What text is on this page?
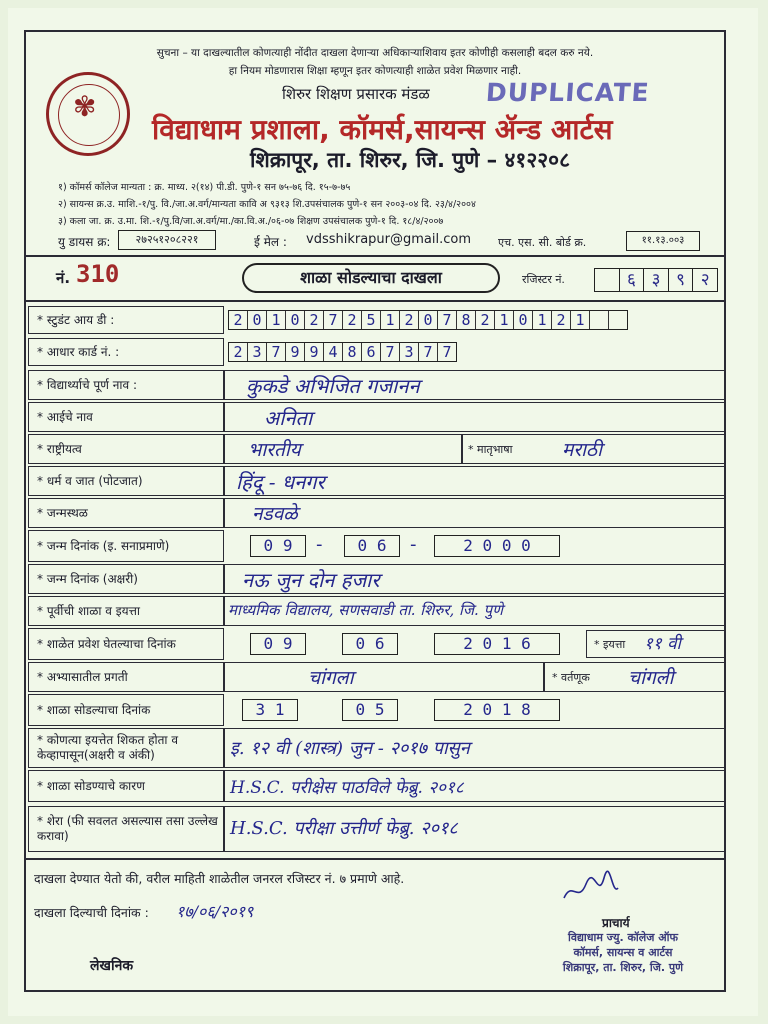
सुचना – या दाखल्यातील कोणत्याही नोंदीत दाखला देणाऱ्या अधिकाऱ्याशिवाय इतर कोणीही कसलाही बदल करु नये.
हा नियम मोडणारास शिक्षा म्हणून इतर कोणत्याही शाळेत प्रवेश मिळणार नाही.
✾	शिरुर शिक्षण प्रसारक मंडळ DUPLICATE
विद्याधाम प्रशाला, कॉमर्स,सायन्स ॲन्ड आर्टस
शिक्रापूर, ता. शिरुर, जि. पुणे – ४१२२०८
१) कॉमर्स कॉलेज मान्यता : क्र. माध्य. २(१४) पी.डी. पुणे-१ सन ७५-७६ दि. १५-७-७५
२) सायन्स क्र.उ. माशि.-१/पु. वि./जा.अ.वर्ग/मान्यता कावि अ ९३१३ शि.उपसंचालक पुणे-१ सन २००३-०४ दि. २३/४/२००४
३) कला जा. क्र. उ.मा. शि.-१/पु.वि/जा.अ.वर्ग/मा./का.वि.अ./०६-०७ शिक्षण उपसंचालक पुणे-१ दि. १८/४/२००७
यु डायस क्र:	२७२५१२०८२२१	ई मेल : vdsshikrapur@gmail.com एच. एस. सी. बोर्ड क्र.	११.१३.००३
नं. 310	शाळा सोडल्याचा दाखला	रजिस्टर नं.	६ ३ ९ २
* स्टुडंट आय डी :	2 0 1 0 2 7 2 5 1 2 0 7 8 2 1 0 1 2 1
* आधार कार्ड नं. :	2 3 7 9 9 4 8 6 7 3 7 7
* विद्यार्थ्याचे पूर्ण नाव :	कुकडे अभिजित गजानन
* आईचे नाव	अनिता
* राष्ट्रीयत्व	भारतीय	* मातृभाषा	मराठी
* धर्म व जात (पोटजात)	हिंदू - धनगर
* जन्मस्थळ	नडवळे
* जन्म दिनांक (इ. सनाप्रमाणे)	0 9	-	0 6	-	2 0 0 0
* जन्म दिनांक (अक्षरी)	नऊ जुन दोन हजार
* पूर्वीची शाळा व इयत्ता	माध्यमिक विद्यालय, सणसवाडी ता. शिरुर, जि. पुणे
* शाळेत प्रवेश घेतल्याचा दिनांक	0 9	0 6	2 0 1 6	* इयत्ता ११ वी
* अभ्यासातील प्रगती	चांगला	* वर्तणूक चांगली
* शाळा सोडल्याचा दिनांक	3 1	0 5	2 0 1 8
* कोणत्या इयत्तेत शिकत होता व केव्हापासून(अक्षरी व अंकी)	इ. १२ वी (शास्त्र) जुन - २०१७ पासुन
* शाळा सोडण्याचे कारण	H.S.C. परीक्षेस पाठविले फेब्रु. २०१८
* शेरा (फी सवलत असल्यास तसा उल्लेख करावा)	H.S.C. परीक्षा उत्तीर्ण फेब्रु. २०१८
दाखला देण्यात येतो की, वरील माहिती शाळेतील जनरल रजिस्टर नं. ७ प्रमाणे आहे.
दाखला दिल्याची दिनांक : १७/०६/२०१९
लेखनिक
प्राचार्य
विद्याधाम ज्यु. कॉलेज ऑफ
कॉमर्स, सायन्स व आर्टस
शिक्रापूर, ता. शिरुर, जि. पुणे
